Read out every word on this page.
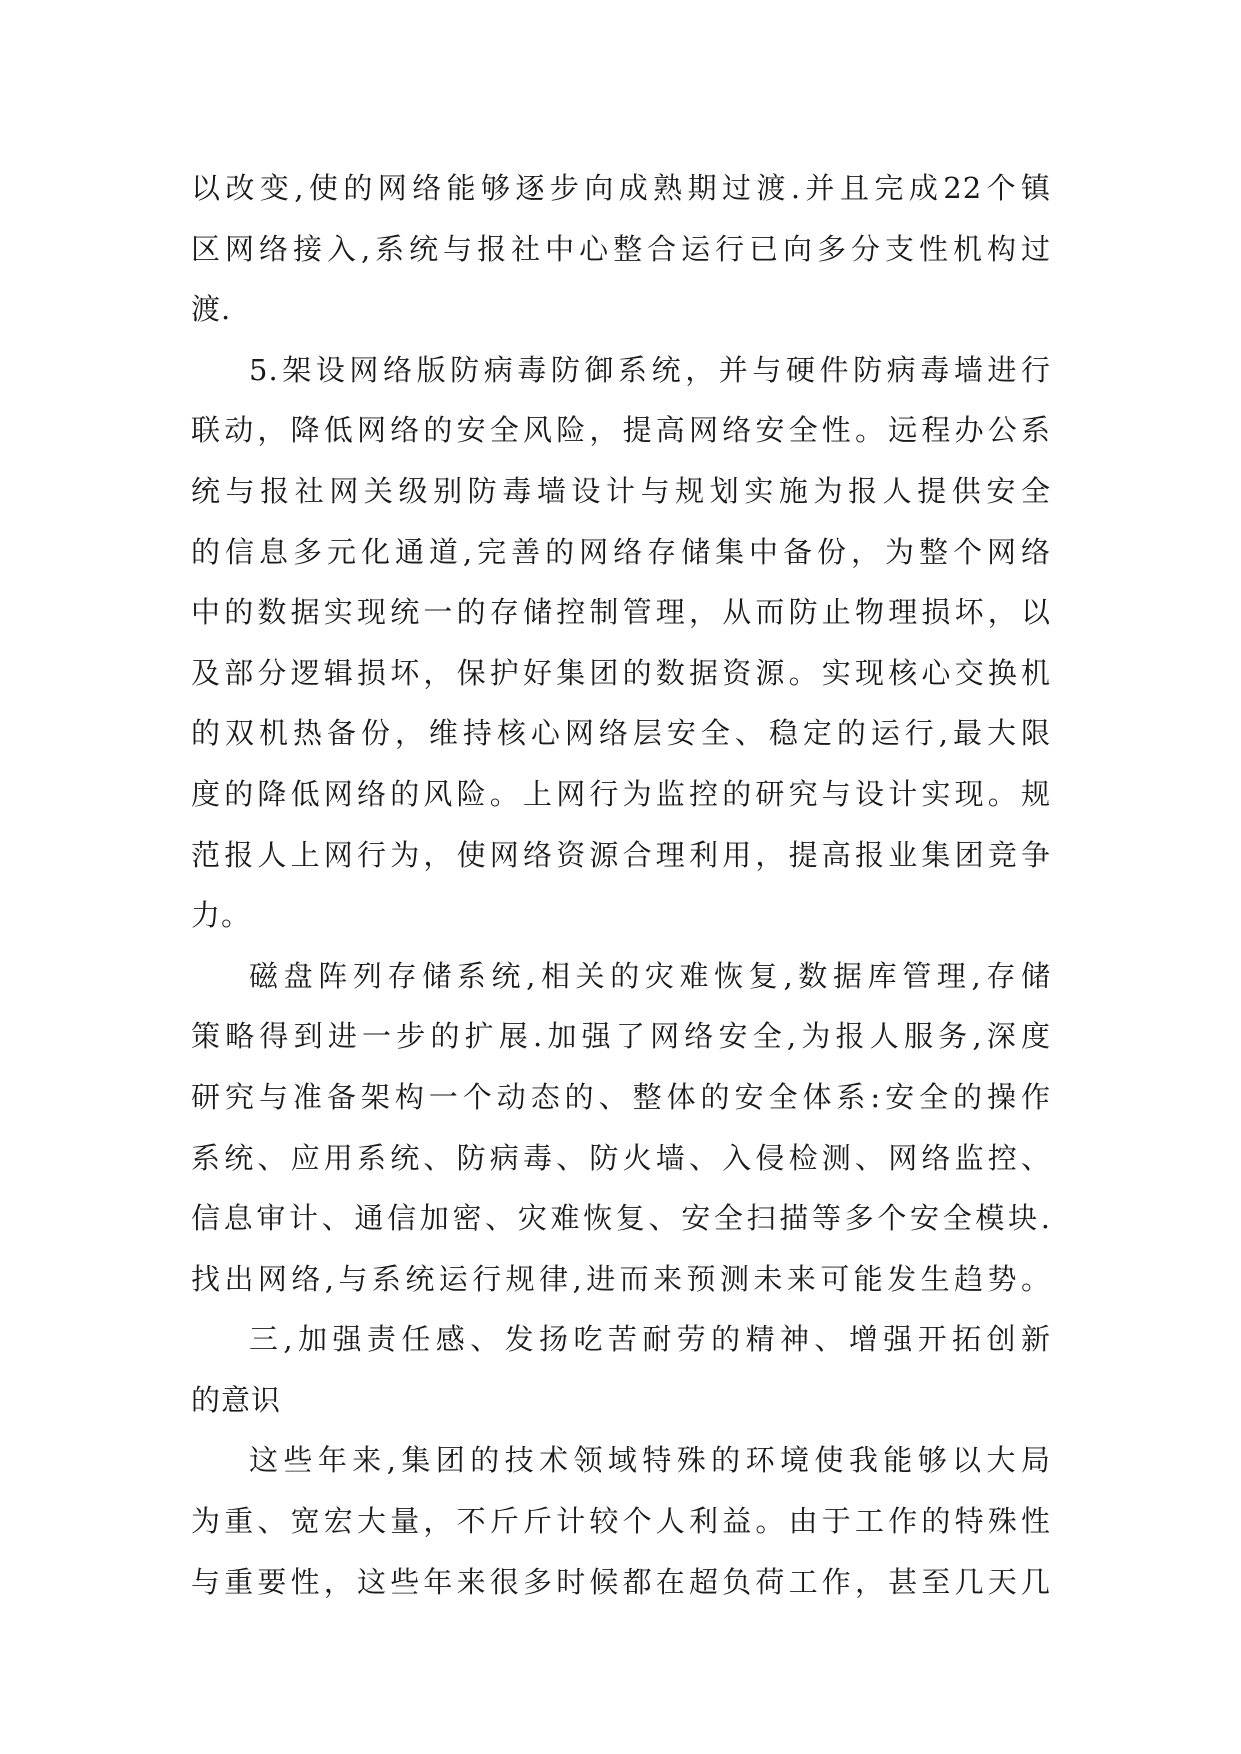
以改变,使的网络能够逐步向成熟期过渡.并且完成22个镇
区网络接入,系统与报社中心整合运行已向多分支性机构过
渡.
5.架设网络版防病毒防御系统，并与硬件防病毒墙进行
联动，降低网络的安全风险，提高网络安全性。远程办公系
统与报社网关级别防毒墙设计与规划实施为报人提供安全
的信息多元化通道,完善的网络存储集中备份，为整个网络
中的数据实现统一的存储控制管理，从而防止物理损坏，以
及部分逻辑损坏，保护好集团的数据资源。实现核心交换机
的双机热备份，维持核心网络层安全、稳定的运行,最大限
度的降低网络的风险。上网行为监控的研究与设计实现。规
范报人上网行为，使网络资源合理利用，提高报业集团竞争
力。
磁盘阵列存储系统,相关的灾难恢复,数据库管理,存储
策略得到进一步的扩展.加强了网络安全,为报人服务,深度
研究与准备架构一个动态的、整体的安全体系:安全的操作
系统、应用系统、防病毒、防火墙、入侵检测、网络监控、
信息审计、通信加密、灾难恢复、安全扫描等多个安全模块.
找出网络,与系统运行规律,进而来预测未来可能发生趋势。
三,加强责任感、发扬吃苦耐劳的精神、增强开拓创新
的意识
这些年来,集团的技术领域特殊的环境使我能够以大局
为重、宽宏大量，不斤斤计较个人利益。由于工作的特殊性
与重要性，这些年来很多时候都在超负荷工作，甚至几天几
